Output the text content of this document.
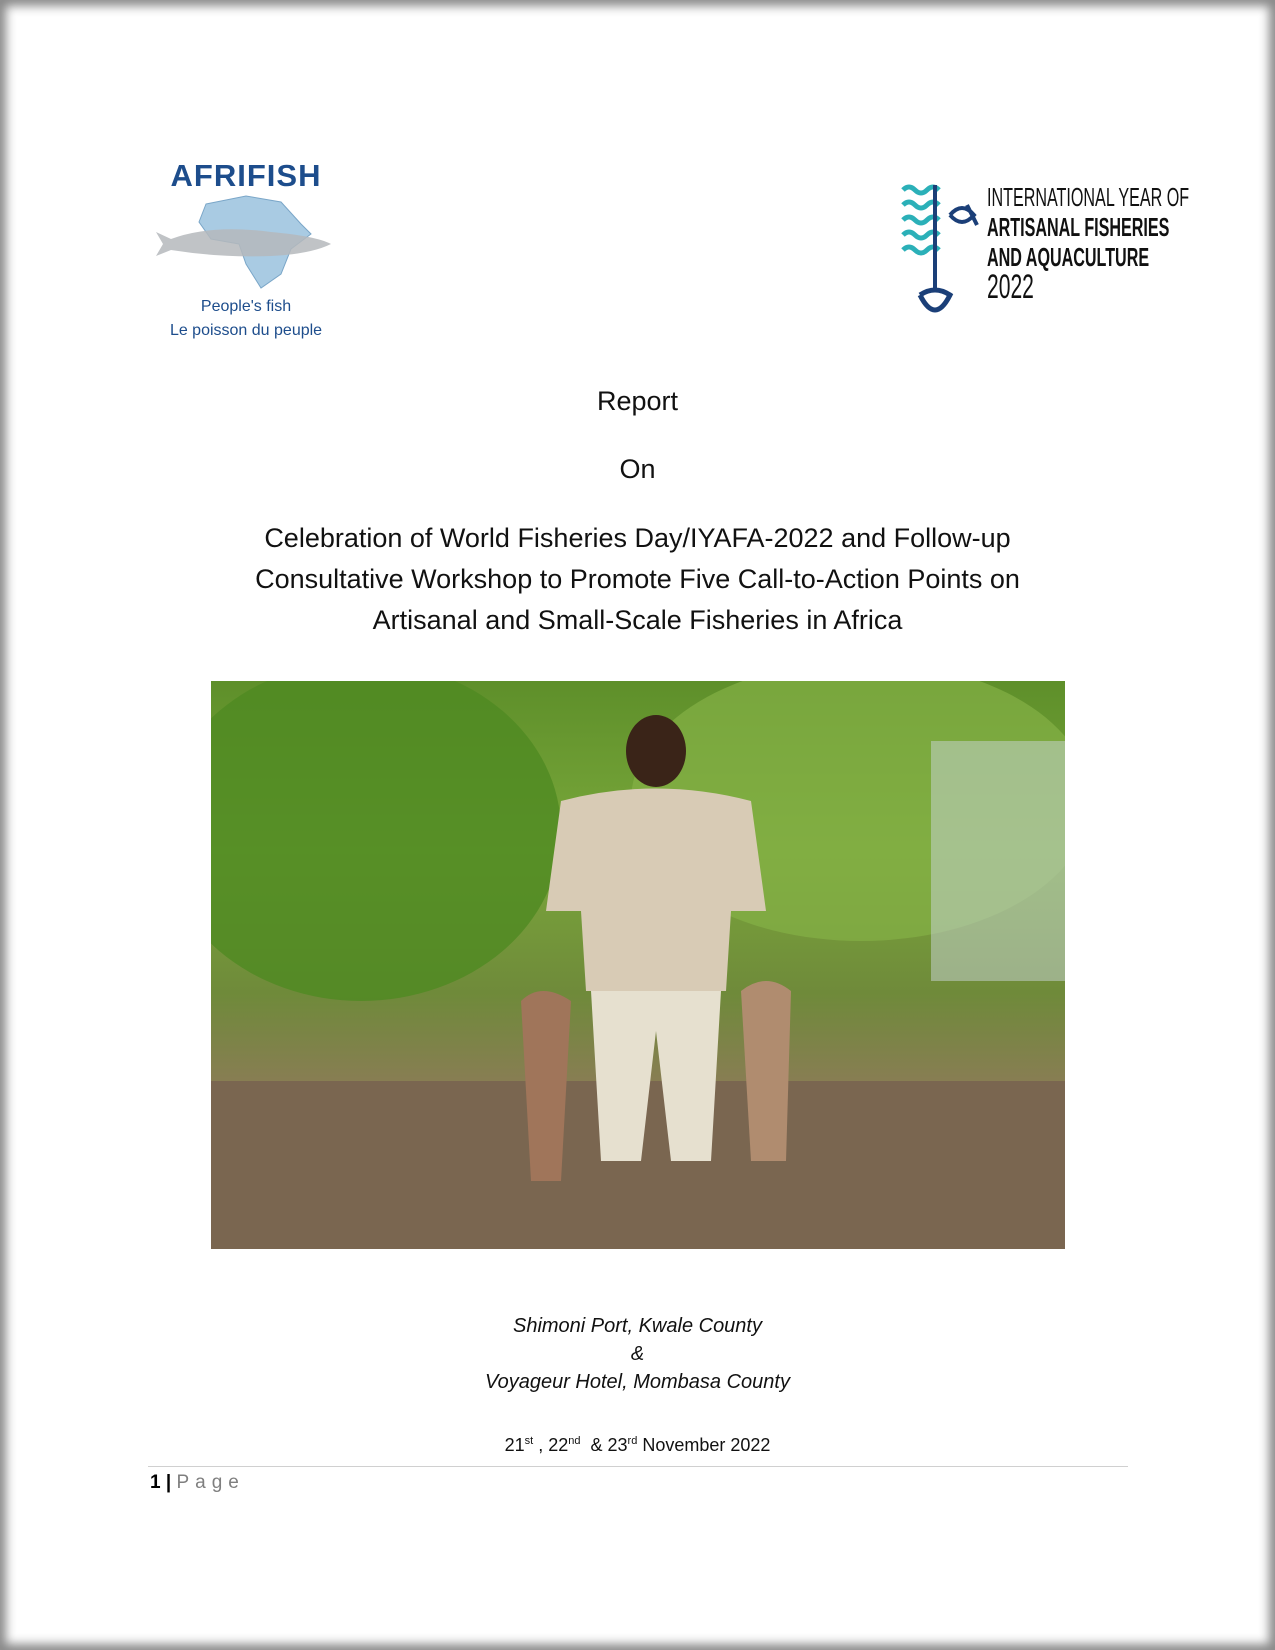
AFRIFISH
People's fish
Le poisson du peuple
INTERNATIONAL YEAR OF
ARTISANAL FISHERIES
AND AQUACULTURE
2022
Report
On
Celebration of World Fisheries Day/IYAFA-2022 and Follow-up
Consultative Workshop to Promote Five Call-to-Action Points on
Artisanal and Small-Scale Fisheries in Africa
Shimoni Port, Kwale County
&
Voyageur Hotel, Mombasa County
21st , 22nd  & 23rd November 2022
1 | Page
